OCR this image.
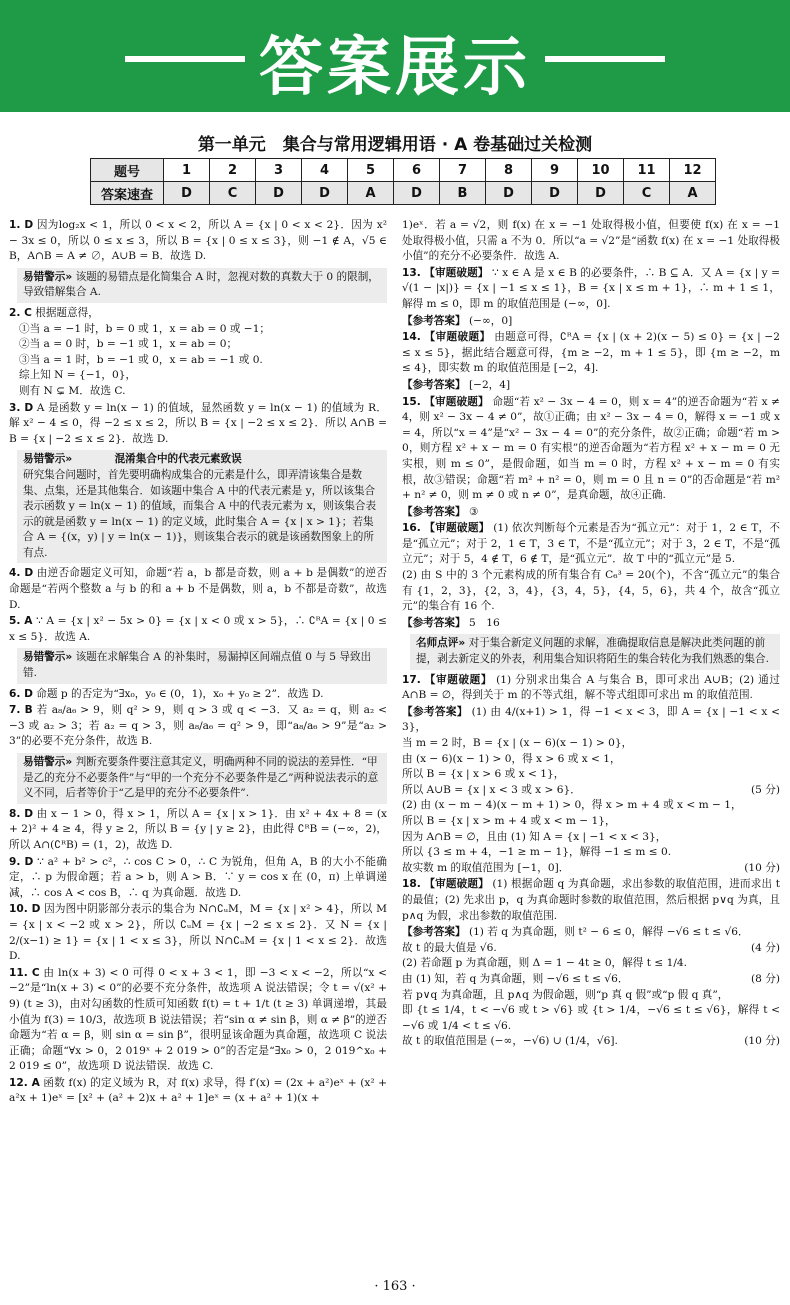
答案展示
第一单元　集合与常用逻辑用语 · A 卷基础过关检测
题号	1	2	3	4	5	6	7	8	9	10	11	12
答案速查	D	C	D	D	A	D	B	D	D	D	C	A
1. D 因为log₂x < 1，所以 0 < x < 2，所以 A = {x | 0 < x < 2}．因为 x² − 3x ≤ 0，所以 0 ≤ x ≤ 3，所以 B = {x | 0 ≤ x ≤ 3}，则 −1 ∉ A，√5 ∈ B，A∩B = A ≠ ∅，A∪B = B．故选 D.
易错警示» 该题的易错点是化简集合 A 时，忽视对数的真数大于 0 的限制，导致错解集合 A.
2. C 根据题意得，
①当 a = −1 时，b = 0 或 1，x = ab = 0 或 −1；
②当 a = 0 时，b = −1 或 1，x = ab = 0；
③当 a = 1 时，b = −1 或 0，x = ab = −1 或 0.
综上知 N = {−1，0}，
则有 N ⊊ M．故选 C.
3. D A 是函数 y = ln(x − 1) 的值域，显然函数 y = ln(x − 1) 的值域为 R．解 x² − 4 ≤ 0，得 −2 ≤ x ≤ 2，所以 B = {x | −2 ≤ x ≤ 2}．所以 A∩B = B = {x | −2 ≤ x ≤ 2}．故选 D.
易错警示»　　　　混淆集合中的代表元素致误
研究集合问题时，首先要明确构成集合的元素是什么，即弄清该集合是数集、点集，还是其他集合．如该题中集合 A 中的代表元素是 y，所以该集合表示函数 y = ln(x − 1) 的值域，而集合 A 中的代表元素为 x，则该集合表示的就是函数 y = ln(x − 1) 的定义域，此时集合 A = {x | x > 1}；若集合 A = {(x，y) | y = ln(x − 1)}，则该集合表示的就是该函数图象上的所有点.
4. D 由逆否命题定义可知，命题“若 a，b 都是奇数，则 a + b 是偶数”的逆否命题是“若两个整数 a 与 b 的和 a + b 不是偶数，则 a，b 不都是奇数”，故选 D.
5. A ∵ A = {x | x² − 5x > 0} = {x | x < 0 或 x > 5}，∴ ∁ᴿA = {x | 0 ≤ x ≤ 5}．故选 A.
易错警示» 该题在求解集合 A 的补集时，易漏掉区间端点值 0 与 5 导致出错.
6. D 命题 p 的否定为“∃x₀，y₀ ∈ (0，1)，x₀ + y₀ ≥ 2”．故选 D.
7. B 若 a₈/a₆ > 9，则 q² > 9，则 q > 3 或 q < −3．又 a₂ = q，则 a₂ < −3 或 a₂ > 3；若 a₂ = q > 3，则 a₈/a₆ = q² > 9，即“a₈/a₆ > 9”是“a₂ > 3”的必要不充分条件，故选 B.
易错警示» 判断充要条件要注意其定义，明确两种不同的说法的差异性．“甲是乙的充分不必要条件”与“甲的一个充分不必要条件是乙”两种说法表示的意义不同，后者等价于“乙是甲的充分不必要条件”.
8. D 由 x − 1 > 0，得 x > 1，所以 A = {x | x > 1}．由 x² + 4x + 8 = (x + 2)² + 4 ≥ 4，得 y ≥ 2，所以 B = {y | y ≥ 2}，由此得 ∁ᴿB = (−∞，2)，所以 A∩(∁ᴿB) = (1，2)，故选 D.
9. D ∵ a² + b² > c²，∴ cos C > 0，∴ C 为锐角，但角 A，B 的大小不能确定，∴ p 为假命题；若 a > b，则 A > B．∵ y = cos x 在 (0，π) 上单调递减，∴ cos A < cos B，∴ q 为真命题．故选 D.
10. D 因为图中阴影部分表示的集合为 N∩∁ᵤM，M = {x | x² > 4}，所以 M = {x | x < −2 或 x > 2}，所以 ∁ᵤM = {x | −2 ≤ x ≤ 2}．又 N = {x | 2/(x−1) ≥ 1} = {x | 1 < x ≤ 3}，所以 N∩∁ᵤM = {x | 1 < x ≤ 2}．故选 D.
11. C 由 ln(x + 3) < 0 可得 0 < x + 3 < 1，即 −3 < x < −2，所以“x < −2”是“ln(x + 3) < 0”的必要不充分条件，故选项 A 说法错误；令 t = √(x² + 9) (t ≥ 3)，由对勾函数的性质可知函数 f(t) = t + 1/t (t ≥ 3) 单调递增，其最小值为 f(3) = 10/3，故选项 B 说法错误；若“sin α ≠ sin β，则 α ≠ β”的逆否命题为“若 α = β，则 sin α = sin β”，很明显该命题为真命题，故选项 C 说法正确；命题“∀x > 0，2 019ˣ + 2 019 > 0”的否定是“∃x₀ > 0，2 019^x₀ + 2 019 ≤ 0”，故选项 D 说法错误．故选 C.
12. A 函数 f(x) 的定义域为 R，对 f(x) 求导，得 f′(x) = (2x + a²)eˣ + (x² + a²x + 1)eˣ = [x² + (a² + 2)x + a² + 1]eˣ = (x + a² + 1)(x +
1)eˣ．若 a = √2，则 f(x) 在 x = −1 处取得极小值，但要使 f(x) 在 x = −1 处取得极小值，只需 a 不为 0．所以“a = √2”是“函数 f(x) 在 x = −1 处取得极小值”的充分不必要条件．故选 A.
13. 【审题破题】 ∵ x ∈ A 是 x ∈ B 的必要条件，∴ B ⊆ A．又 A = {x | y = √(1 − |x|)} = {x | −1 ≤ x ≤ 1}，B = {x | x ≤ m + 1}，∴ m + 1 ≤ 1，解得 m ≤ 0，即 m 的取值范围是 (−∞，0].
【参考答案】 (−∞，0]
14. 【审题破题】 由题意可得，∁ᴿA = {x | (x + 2)(x − 5) ≤ 0} = {x | −2 ≤ x ≤ 5}，据此结合题意可得，{m ≥ −2，m + 1 ≤ 5}，即 {m ≥ −2，m ≤ 4}，即实数 m 的取值范围是 [−2，4].
【参考答案】 [−2，4]
15. 【审题破题】 命题“若 x² − 3x − 4 = 0，则 x = 4”的逆否命题为“若 x ≠ 4，则 x² − 3x − 4 ≠ 0”，故①正确；由 x² − 3x − 4 = 0，解得 x = −1 或 x = 4，所以“x = 4”是“x² − 3x − 4 = 0”的充分条件，故②正确；命题“若 m > 0，则方程 x² + x − m = 0 有实根”的逆否命题为“若方程 x² + x − m = 0 无实根，则 m ≤ 0”，是假命题，如当 m = 0 时，方程 x² + x − m = 0 有实根，故③错误；命题“若 m² + n² = 0，则 m = 0 且 n = 0”的否命题是“若 m² + n² ≠ 0，则 m ≠ 0 或 n ≠ 0”，是真命题，故④正确.
【参考答案】 ③
16. 【审题破题】 (1) 依次判断每个元素是否为“孤立元”：对于 1，2 ∈ T，不是“孤立元”；对于 2，1 ∈ T，3 ∈ T，不是“孤立元”；对于 3，2 ∈ T，不是“孤立元”；对于 5，4 ∉ T，6 ∉ T，是“孤立元”．故 T 中的“孤立元”是 5.
(2) 由 S 中的 3 个元素构成的所有集合有 C₆³ = 20(个)，不含“孤立元”的集合有 {1，2，3}，{2，3，4}，{3，4，5}，{4，5，6}，共 4 个，故含“孤立元”的集合有 16 个.
【参考答案】 5　16
名师点评» 对于集合新定义问题的求解，准确提取信息是解决此类问题的前提，剥去新定义的外表，利用集合知识将陌生的集合转化为我们熟悉的集合.
17. 【审题破题】 (1) 分别求出集合 A 与集合 B，即可求出 A∪B；(2) 通过 A∩B = ∅，得到关于 m 的不等式组，解不等式组即可求出 m 的取值范围.
【参考答案】 (1) 由 4/(x+1) > 1，得 −1 < x < 3，即 A = {x | −1 < x < 3}，
当 m = 2 时，B = {x | (x − 6)(x − 1) > 0}，
由 (x − 6)(x − 1) > 0，得 x > 6 或 x < 1，
所以 B = {x | x > 6 或 x < 1}，
所以 A∪B = {x | x < 3 或 x > 6}．	(5 分)
(2) 由 (x − m − 4)(x − m + 1) > 0，得 x > m + 4 或 x < m − 1，
所以 B = {x | x > m + 4 或 x < m − 1}，
因为 A∩B = ∅，且由 (1) 知 A = {x | −1 < x < 3}，
所以 {3 ≤ m + 4，−1 ≥ m − 1}，解得 −1 ≤ m ≤ 0.
故实数 m 的取值范围为 [−1，0]．	(10 分)
18. 【审题破题】 (1) 根据命题 q 为真命题，求出参数的取值范围，进而求出 t 的最值；(2) 先求出 p，q 为真命题时参数的取值范围，然后根据 p∨q 为真，且 p∧q 为假，求出参数的取值范围.
【参考答案】 (1) 若 q 为真命题，则 t² − 6 ≤ 0，解得 −√6 ≤ t ≤ √6．
故 t 的最大值是 √6.	(4 分)
(2) 若命题 p 为真命题，则 Δ = 1 − 4t ≥ 0，解得 t ≤ 1/4.
由 (1) 知，若 q 为真命题，则 −√6 ≤ t ≤ √6．	(8 分)
若 p∨q 为真命题，且 p∧q 为假命题，则“p 真 q 假”或“p 假 q 真”，
即 {t ≤ 1/4，t < −√6 或 t > √6} 或 {t > 1/4，−√6 ≤ t ≤ √6}，解得 t < −√6 或 1/4 < t ≤ √6.
故 t 的取值范围是 (−∞，−√6) ∪ (1/4，√6].	(10 分)
· 163 ·
